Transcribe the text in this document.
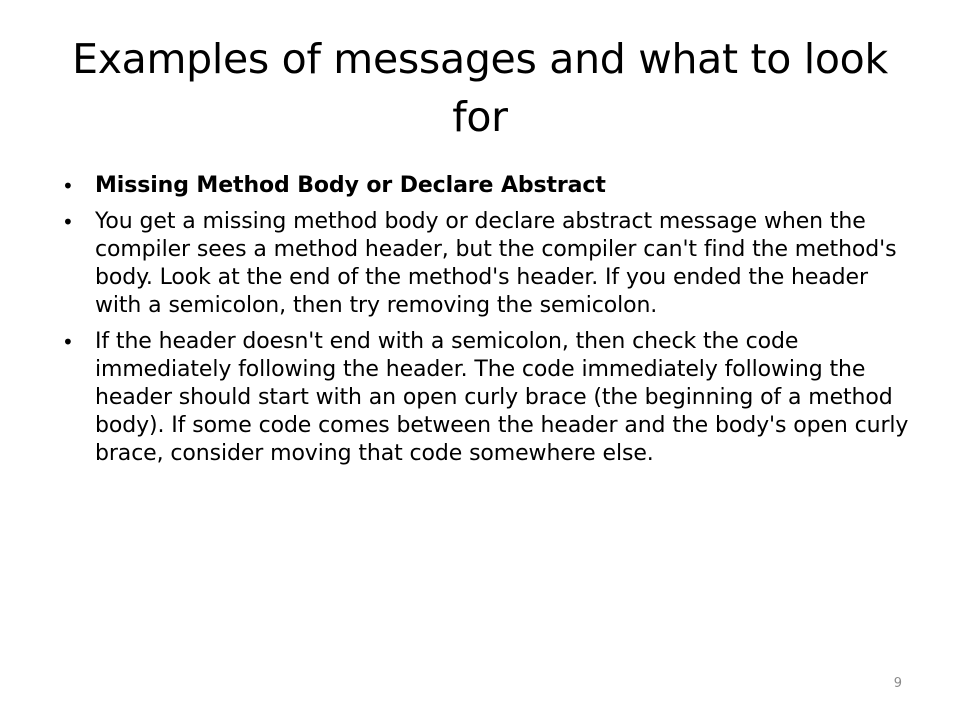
Examples of messages and what to look for
• Missing Method Body or Declare Abstract
• You get a missing method body or declare abstract message when the compiler sees a method header, but the compiler can't find the method's body. Look at the end of the method's header. If you ended the header with a semicolon, then try removing the semicolon.
• If the header doesn't end with a semicolon, then check the code immediately following the header. The code immediately following the header should start with an open curly brace (the beginning of a method body). If some code comes between the header and the body's open curly brace, consider moving that code somewhere else.
9
